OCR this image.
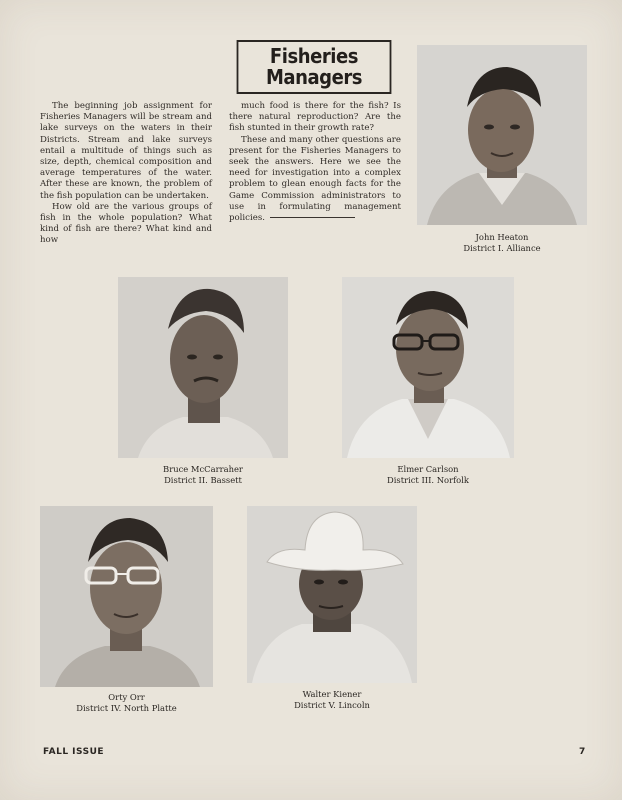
Fisheries
Managers

The beginning job assignment for Fisheries Managers will be stream and lake surveys on the waters in their Districts. Stream and lake surveys entail a multitude of things such as size, depth, chemical composition and average temperatures of the water. After these are known, the problem of the fish population can be undertaken.

How old are the various groups of fish in the whole population? What kind of fish are there? What kind and how

much food is there for the fish? Is there natural reproduction? Are the fish stunted in their growth rate?

These and many other questions are present for the Fisheries Managers to seek the answers. Here we see the need for investigation into a complex problem to glean enough facts for the Game Commission administrators to use in formulating management policies.

John Heaton
District I. Alliance
Bruce McCarraher
District II. Bassett
Elmer Carlson
District III. Norfolk
Orty Orr
District IV. North Platte
Walter Kiener
District V. Lincoln
FALL ISSUE	7
